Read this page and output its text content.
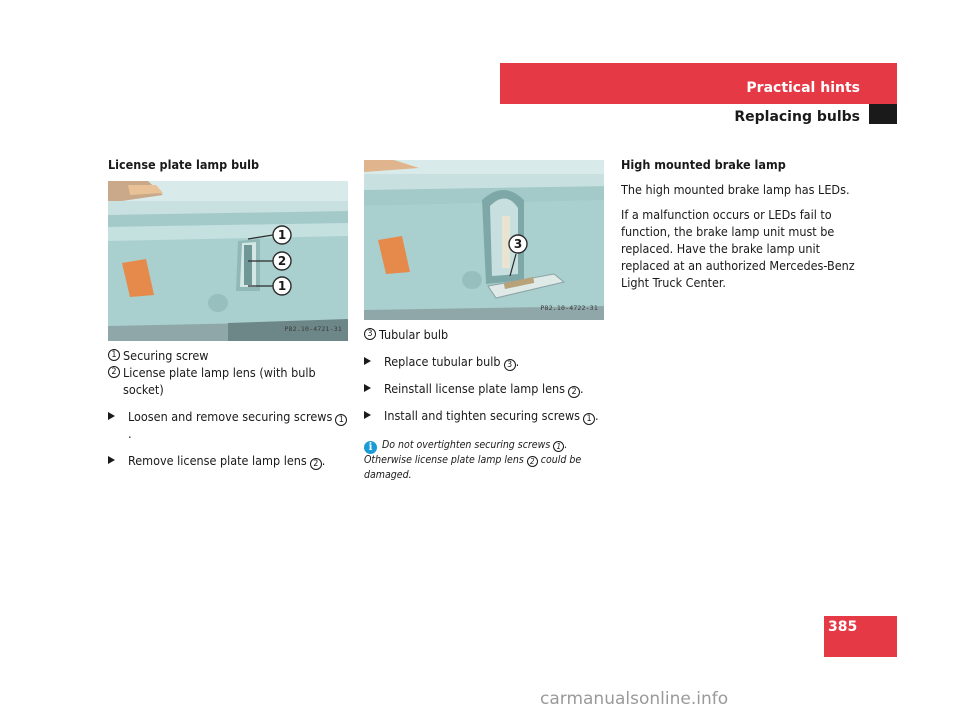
Practical hints
Replacing bulbs
License plate lamp bulb
1
2
1
P82.10-4721-31
1 Securing screw
2 License plate lamp lens (with bulb socket)
Loosen and remove securing screws 1.
Remove license plate lamp lens 2 .
3
P82.10-4722-31
3 Tubular bulb
Replace tubular bulb 3 .
Reinstall license plate lamp lens 2 .
Install and tighten securing screws 1 .
i Do not overtighten securing screws 1 . Otherwise license plate lamp lens 2 could be damaged.
High mounted brake lamp

The high mounted brake lamp has LEDs.

If a malfunction occurs or LEDs fail to function, the brake lamp unit must be replaced. Have the brake lamp unit replaced at an authorized Mercedes-Benz Light Truck Center.

385
carmanualsonline.info
